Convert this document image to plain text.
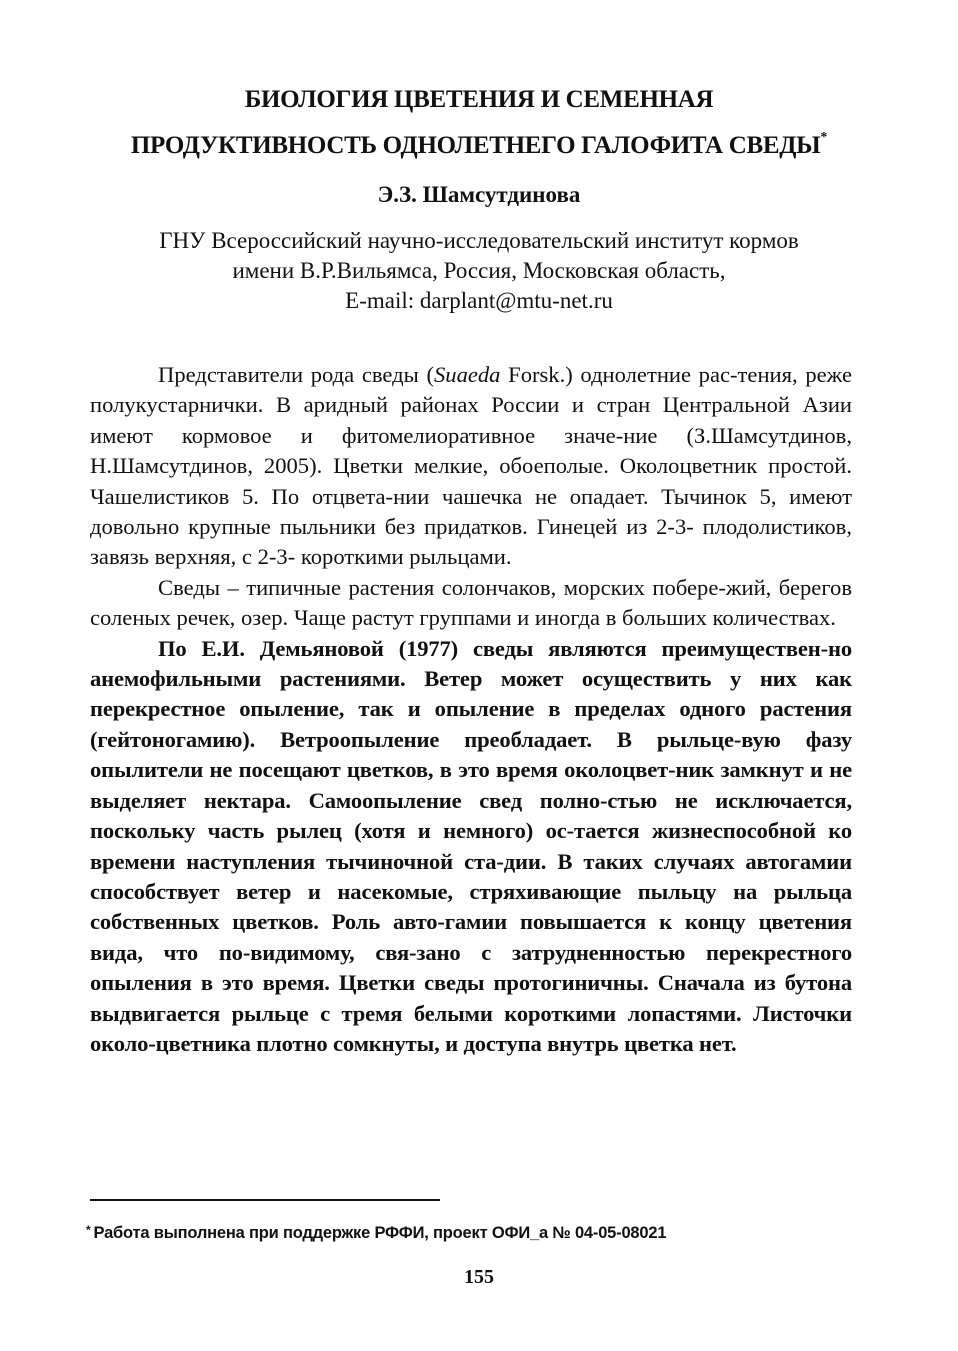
БИОЛОГИЯ ЦВЕТЕНИЯ И СЕМЕННАЯ
ПРОДУКТИВНОСТЬ ОДНОЛЕТНЕГО ГАЛОФИТА СВЕДЫ*
Э.З. Шамсутдинова
ГНУ Всероссийский научно-исследовательский институт кормов
имени В.Р.Вильямса, Россия, Московская область,
E-mail: darplant@mtu-net.ru

Представители рода сведы (Suaeda Forsk.) однолетние рас-тения, реже полукустарнички. В аридный районах России и стран Центральной Азии имеют кормовое и фитомелиоративное значе-ние (З.Шамсутдинов, Н.Шамсутдинов, 2005). Цветки мелкие, обоеполые. Околоцветник простой. Чашелистиков 5. По отцвета-нии чашечка не опадает. Тычинок 5, имеют довольно крупные пыльники без придатков. Гинецей из 2-3- плодолистиков, завязь верхняя, с 2-3- короткими рыльцами.

Сведы – типичные растения солончаков, морских побере-жий, берегов соленых речек, озер. Чаще растут группами и иногда в больших количествах.

По Е.И. Демьяновой (1977) сведы являются преимуществен-но анемофильными растениями. Ветер может осуществить у них как перекрестное опыление, так и опыление в пределах одного растения (гейтоногамию). Ветроопыление преобладает. В рыльце-вую фазу опылители не посещают цветков, в это время околоцвет-ник замкнут и не выделяет нектара. Самоопыление свед полно-стью не исключается, поскольку часть рылец (хотя и немного) ос-тается жизнеспособной ко времени наступления тычиночной ста-дии. В таких случаях автогамии способствует ветер и насекомые, стряхивающие пыльцу на рыльца собственных цветков. Роль авто-гамии повышается к концу цветения вида, что по-видимому, свя-зано с затрудненностью перекрестного опыления в это время. Цветки сведы протогиничны. Сначала из бутона выдвигается рыльце с тремя белыми короткими лопастями. Листочки около-цветника плотно сомкнуты, и доступа внутрь цветка нет.

* Работа выполнена при поддержке РФФИ, проект ОФИ_а № 04-05-08021
155
